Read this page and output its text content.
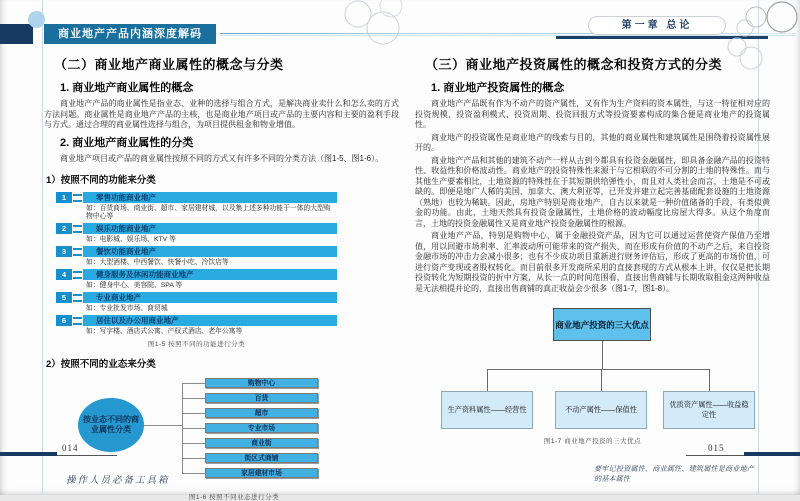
商业地产产品内涵深度解码
第一章 总论
（二）商业地产商业属性的概念与分类
1. 商业地产商业属性的概念

商业地产产品的商业属性是指业态、业种的选择与组合方式，是解决商业卖什么和怎么卖的方式方法问题。商业属性是商业地产产品的主核，也是商业地产项目或产品的主要内容和主要的盈利手段与方式。通过合理的商业属性选择与组合，为项目提供租金和物业增值。

2. 商业地产商业属性的分类

商业地产项目或产品的商业属性按照不同的方式又有许多不同的分类方法（图1-5、图1-6）。

1）按照不同的功能来分类
1	零售功能商业地产
如：百货商场、商业街、超市、家居建材城，以及集上述多种功能于一体的大型购物中心等
2	娱乐功能商业地产
如：电影城、娱乐场、KTV 等
3	餐饮功能商业地产
如：大型酒楼、中西餐饮、快餐小吃、冷饮店等
4	健身服务及休闲功能商业地产
如：健身中心、美容院、SPA 等
5	专业商业地产
如：专业批发市场、商贸城
6	居住以及办公用商业地产
如：写字楼、酒店式公寓、产权式酒店、老年公寓等
图1-5 按照不同的功能进行分类
2）按照不同的业态来分类
按业态不同的商业属性分类
购物中心
百货
超市
专业市场
商业街
街区式商铺
家居建材市场
图1-6 按照不同业态进行分类
（三）商业地产投资属性的概念和投资方式的分类
1. 商业地产投资属性的概念

商业地产产品既有作为不动产的资产属性，又有作为生产资料的资本属性，与这一特征相对应的投资规模、投资盈利模式、投资周期、投资回报方式等投资要素构成的集合便是商业地产的投资属性。

商业地产的投资属性是商业地产的线索与目的，其他的商业属性和建筑属性是围绕着投资属性展开的。

商业地产产品和其他的建筑不动产一样从古到今都具有投资金融属性，即具备金融产品的投资特性、收益性和价格波动性。商业地产的投资特殊性来源于与它相联的不可分割的土地的特殊性。而与其他生产要素相比，土地资源的特殊性在于其短期供给弹性小，而且对人类社会而言，土地是不可或缺的。即便是地广人稀的美国、加拿大、澳大利亚等，已开发并建立起完善基础配套设施的土地资源（熟地）也较为稀缺。因此，房地产特别是商业地产，自古以来就是一种价值储备的手段，有类似黄金的功能。由此，土地天然具有投资金融属性，土地价格的波动幅度比房屋大得多。从这个角度而言，土地的投资金融属性又是商业地产投资金融属性的根源。

商业地产产品，特别是购物中心，属于金融投资产品，因为它可以通过运营使资产保值乃至增值，用以回避市场利率、汇率波动所可能带来的资产损失，而在形成有价值的不动产之后，来自投资金融市场的冲击力会减小很多；也有不少成功项目重新进行财务评估后，形成了更高的市场价值，可进行资产变现或者股权转化。而目前很多开发商所采用的直接套现的方式从根本上讲，仅仅是把长期投资转化为短期投资的折中方案，从长一点的时间范围看，直接出售商铺与长期收取租金这两种收益是无法相提并论的，直接出售商铺的真正收益会少很多（图1-7，图1-8）。

商业地产投资的三大优点
生产资料属性——经营性	不动产属性——保值性
优质资产属性——收益稳定性
图1-7 商业地产投资的三大优点
014
操作人员必备工具箱
015
要牢记投资属性、商业属性、建筑属性是商业地产的基本属性
